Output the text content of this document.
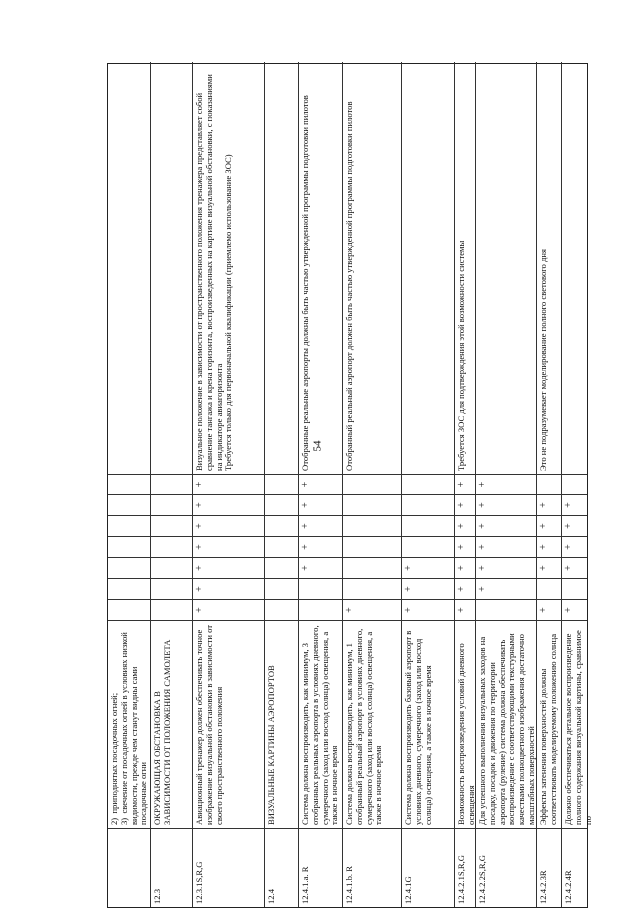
54
2)  приподнятых посадочных огней; 3)  свечение от посадочных огней в условиях низкой видимости, прежде чем станут видны сами посадочные огни
12.3
ОКРУЖАЮЩАЯ ОБСТАНОВКА В ЗАВИСИМОСТИ ОТ ПОЛОЖЕНИЯ САМОЛЕТА
12.3.1S,R,G
Авиационный тренажер должен обеспечивать точное изображение визуальной обстановки в зависимости от своего пространственного положения
+
+
+
+
+
+
+
Визуальное положение в зависимости от пространственного положения тренажера представляет собой сравнение тангажа и крена горизонта, воспроизведенных на картине визуальной обстановки, с показаниями на индикаторе авиагоризонта
Требуется только для первоначальной квалификации (приемлемо использование ЗОС)
12.4
ВИЗУАЛЬНЫЕ КАРТИНЫ АЭРОПОРТОВ
12.4.1.a. R
Система должна воспроизводить, как минимум, 3 отобранных реальных аэропорта в условиях дневного, сумеречного (заход или восход солнца) освещения, а также в ночное время
+
+
+
+
+
Отобранные реальные аэропорты должны быть частью утвержденной программы подготовки пилотов
12.4.1.b. R
Система должна воспроизводить, как минимум, 1 отобранный реальный аэропорт в условиях дневного, сумеречного (заход или восход солнца) освещения, а также в ночное время
+
Отобранный реальный аэропорт должен быть частью утвержденной программы подготовки пилотов
12.4.1G
Система должна воспроизводить базовый аэропорт в условиях дневного, сумеречного (заход или восход солнца) освещения, а также в ночное время
+
+
+
12.4.2.1S,R,G
Возможность воспроизведения условий дневного освещения
+
+
+
+
+
+
+
Требуется ЗОС для подтверждения этой возможности системы
12.4.2.2S,R,G
Для успешного выполнения визуальных заходов на посадку, посадок и движения по территории аэропорта (руление) система должна обеспечивать воспроизведение с соответствующими текстурными качествами полноцветного изображения достаточно масштабных поверхностей
+
+
+
+
+
+
12.4.2.3R
Эффекты затенения поверхностей должны соответствовать моделируемому положению солнца
+
+
+
+
+
Это не подразумевает моделирование полного светового дня
12.4.2.4R
Должно обеспечиваться детальное воспроизведение полного содержания визуальной картины, сравнимое по
+
+
+
+
+
